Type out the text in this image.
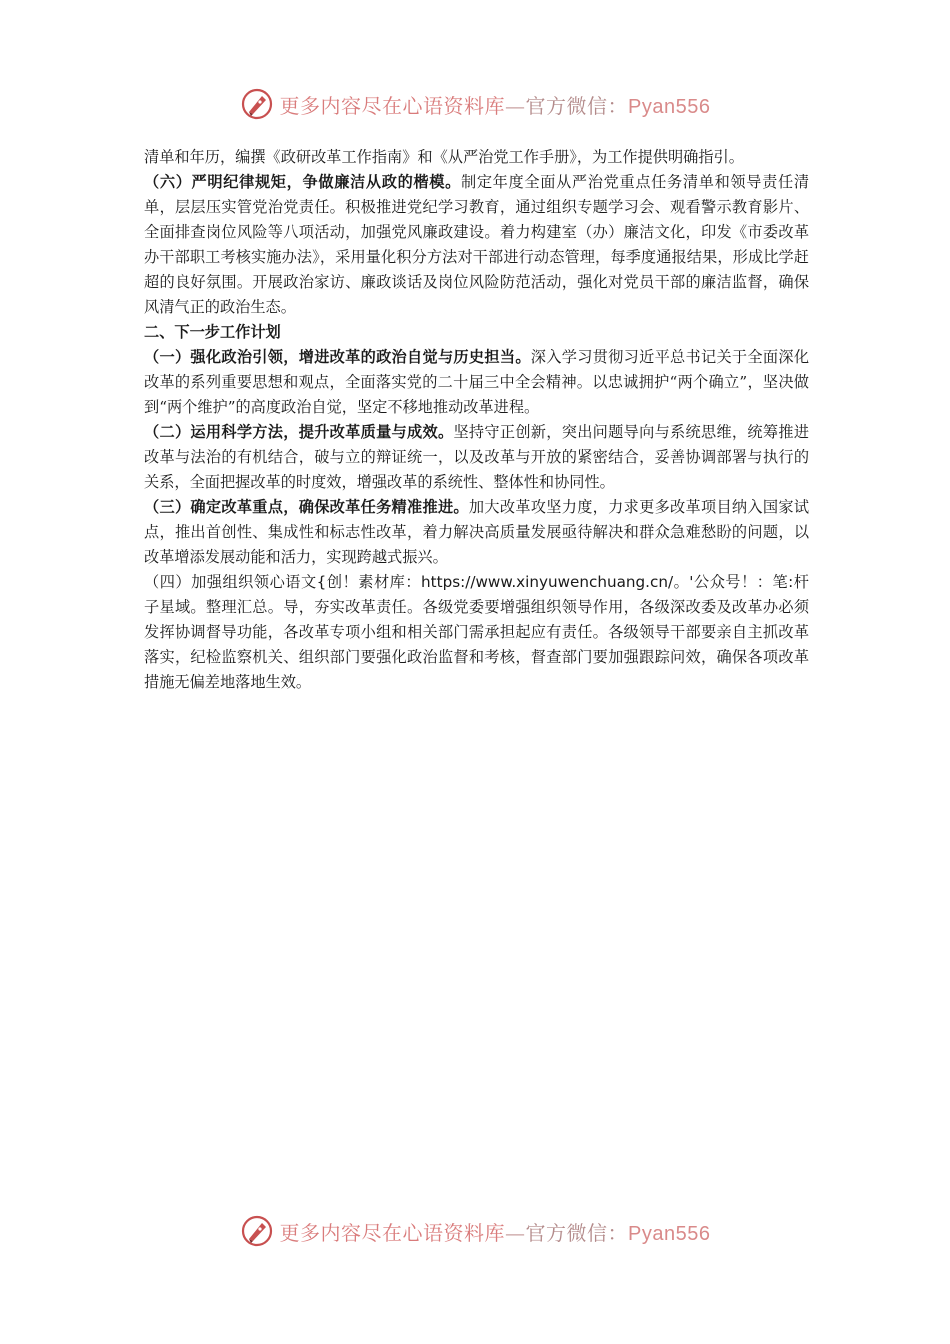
更多内容尽在心语资料库—官方微信：Pyan556

清单和年历，编撰《政研改革工作指南》和《从严治党工作手册》，为工作提供明确指引。

（六）严明纪律规矩，争做廉洁从政的楷模。制定年度全面从严治党重点任务清单和领导责任清单，层层压实管党治党责任。积极推进党纪学习教育，通过组织专题学习会、观看警示教育影片、全面排查岗位风险等八项活动，加强党风廉政建设。着力构建室（办）廉洁文化，印发《市委改革办干部职工考核实施办法》，采用量化积分方法对干部进行动态管理，每季度通报结果，形成比学赶超的良好氛围。开展政治家访、廉政谈话及岗位风险防范活动，强化对党员干部的廉洁监督，确保风清气正的政治生态。

二、下一步工作计划

（一）强化政治引领，增进改革的政治自觉与历史担当。深入学习贯彻习近平总书记关于全面深化改革的系列重要思想和观点，全面落实党的二十届三中全会精神。以忠诚拥护“两个确立”，坚决做到“两个维护”的高度政治自觉，坚定不移地推动改革进程。

（二）运用科学方法，提升改革质量与成效。坚持守正创新，突出问题导向与系统思维，统筹推进改革与法治的有机结合，破与立的辩证统一，以及改革与开放的紧密结合，妥善协调部署与执行的关系，全面把握改革的时度效，增强改革的系统性、整体性和协同性。

（三）确定改革重点，确保改革任务精准推进。加大改革攻坚力度，力求更多改革项目纳入国家试点，推出首创性、集成性和标志性改革，着力解决高质量发展亟待解决和群众急难愁盼的问题，以改革增添发展动能和活力，实现跨越式振兴。

（四）加强组织领心语文{创！素材库：https://www.xinyuwenchuang.cn/。'公众号！：笔:杆子星域。整理汇总。导，夯实改革责任。各级党委要增强组织领导作用，各级深改委及改革办必须发挥协调督导功能，各改革专项小组和相关部门需承担起应有责任。各级领导干部要亲自主抓改革落实，纪检监察机关、组织部门要强化政治监督和考核，督查部门要加强跟踪问效，确保各项改革措施无偏差地落地生效。

更多内容尽在心语资料库—官方微信：Pyan556
